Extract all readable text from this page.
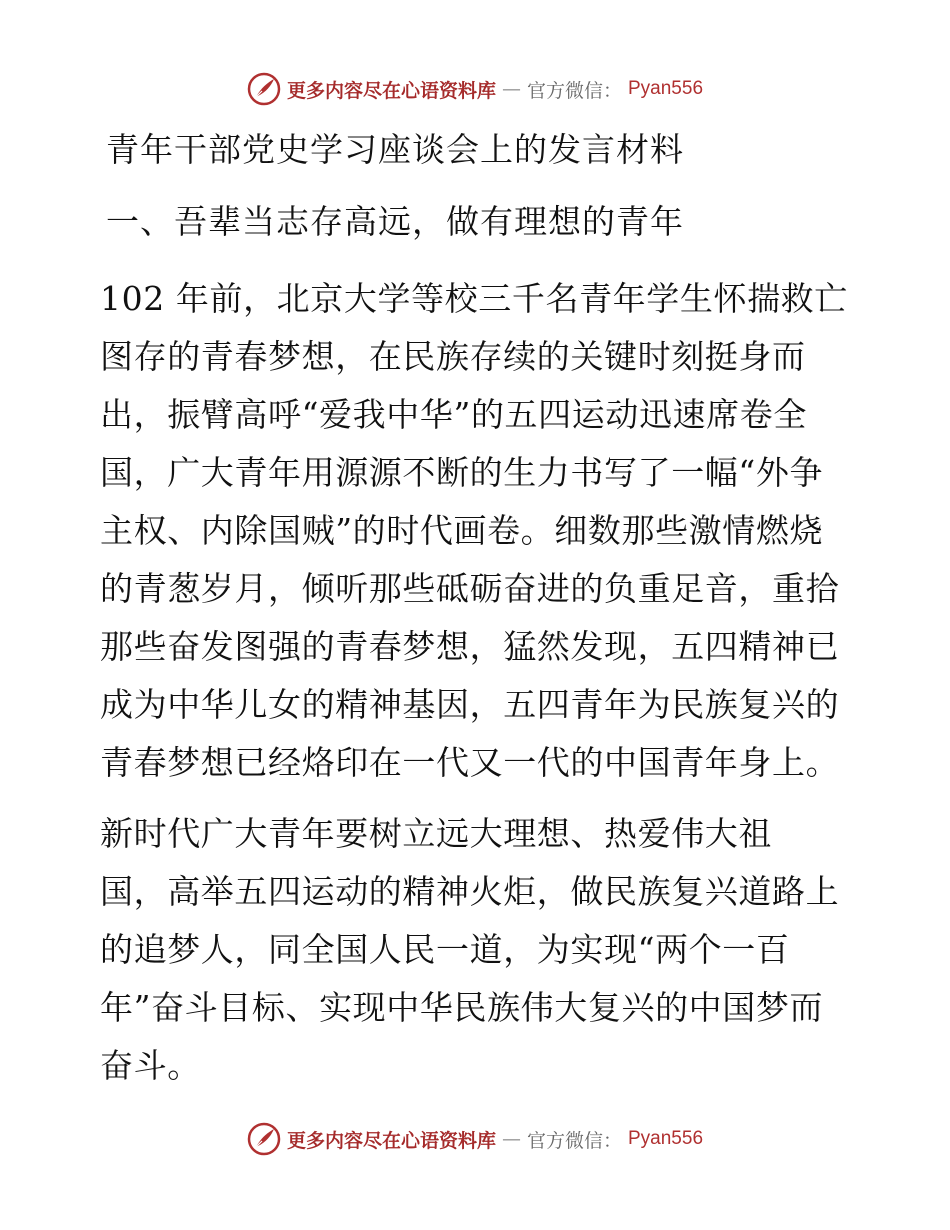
更多内容尽在心语资料库 — 官方微信： Pyan556
青年干部党史学习座谈会上的发言材料
一、吾辈当志存高远，做有理想的青年
102 年前，北京大学等校三千名青年学生怀揣救亡
图存的青春梦想，在民族存续的关键时刻挺身而
出，振臂高呼“爱我中华”的五四运动迅速席卷全
国，广大青年用源源不断的生力书写了一幅“外争
主权、内除国贼”的时代画卷。细数那些激情燃烧
的青葱岁月，倾听那些砥砺奋进的负重足音，重拾
那些奋发图强的青春梦想，猛然发现，五四精神已
成为中华儿女的精神基因，五四青年为民族复兴的
青春梦想已经烙印在一代又一代的中国青年身上。
新时代广大青年要树立远大理想、热爱伟大祖
国，高举五四运动的精神火炬，做民族复兴道路上
的追梦人，同全国人民一道，为实现“两个一百
年”奋斗目标、实现中华民族伟大复兴的中国梦而
奋斗。
更多内容尽在心语资料库 — 官方微信： Pyan556
